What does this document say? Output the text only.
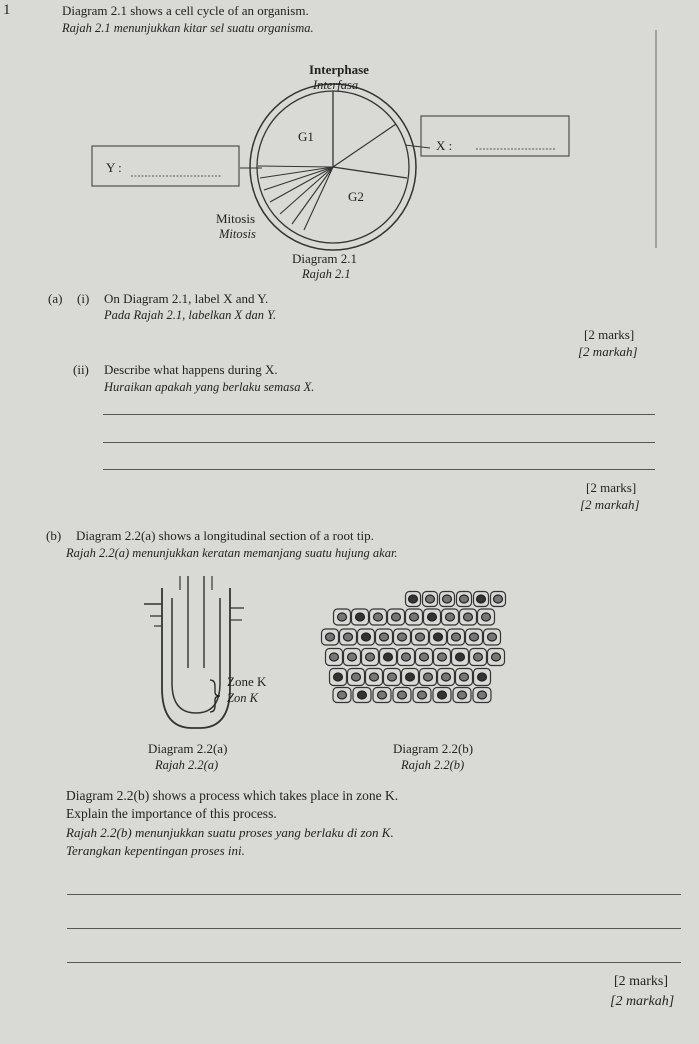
1	Diagram 2.1 shows a cell cycle of an organism.
Rajah 2.1 menunjukkan kitar sel suatu organisma.
Interphase
Interfasa
G1
G2
X :
Y :
Mitosis
Mitosis
Diagram 2.1
Rajah 2.1
(a) (i) On Diagram 2.1, label X and Y.
Pada Rajah 2.1, labelkan X dan Y.
[2 marks]
[2 markah]
(ii) Describe what happens during X.
Huraikan apakah yang berlaku semasa X.
[2 marks]
[2 markah]
(b) Diagram 2.2(a) shows a longitudinal section of a root tip.
Rajah 2.2(a) menunjukkan keratan memanjang suatu hujung akar.
Zone K
Zon K
Diagram 2.2(a)
Rajah 2.2(a)
Diagram 2.2(b)
Rajah 2.2(b)
Diagram 2.2(b) shows a process which takes place in zone K.
Explain the importance of this process.
Rajah 2.2(b) menunjukkan suatu proses yang berlaku di zon K.
Terangkan kepentingan proses ini.
[2 marks]
[2 markah]
